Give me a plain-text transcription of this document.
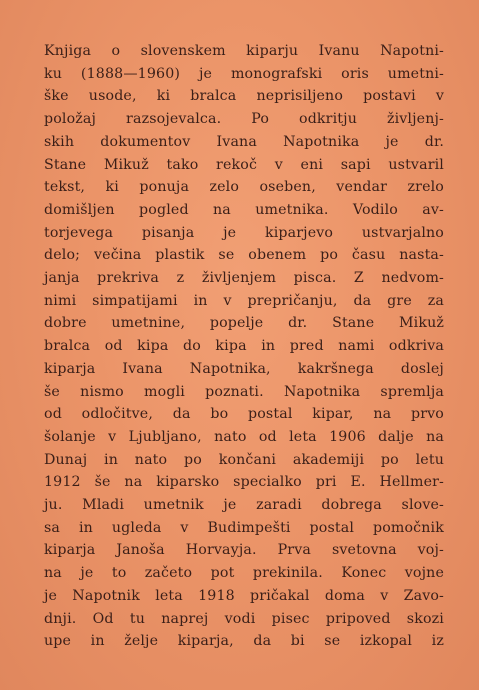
Knjiga o slovenskem kiparju Ivanu Napotni-
ku (1888—1960) je monografski oris umetni-
ške usode, ki bralca neprisiljeno postavi v
položaj razsojevalca. Po odkritju življenj-
skih dokumentov Ivana Napotnika je dr.
Stane Mikuž tako rekoč v eni sapi ustvaril
tekst, ki ponuja zelo oseben, vendar zrelo
domišljen pogled na umetnika. Vodilo av-
torjevega pisanja je kiparjevo ustvarjalno
delo; večina plastik se obenem po času nasta-
janja prekriva z življenjem pisca. Z nedvom-
nimi simpatijami in v prepričanju, da gre za
dobre umetnine, popelje dr. Stane Mikuž
bralca od kipa do kipa in pred nami odkriva
kiparja Ivana Napotnika, kakršnega doslej
še nismo mogli poznati. Napotnika spremlja
od odločitve, da bo postal kipar, na prvo
šolanje v Ljubljano, nato od leta 1906 dalje na
Dunaj in nato po končani akademiji po letu
1912 še na kiparsko specialko pri E. Hellmer-
ju. Mladi umetnik je zaradi dobrega slove-
sa in ugleda v Budimpešti postal pomočnik
kiparja Janoša Horvayja. Prva svetovna voj-
na je to začeto pot prekinila. Konec vojne
je Napotnik leta 1918 pričakal doma v Zavo-
dnji. Od tu naprej vodi pisec pripoved skozi
upe in želje kiparja, da bi se izkopal iz
